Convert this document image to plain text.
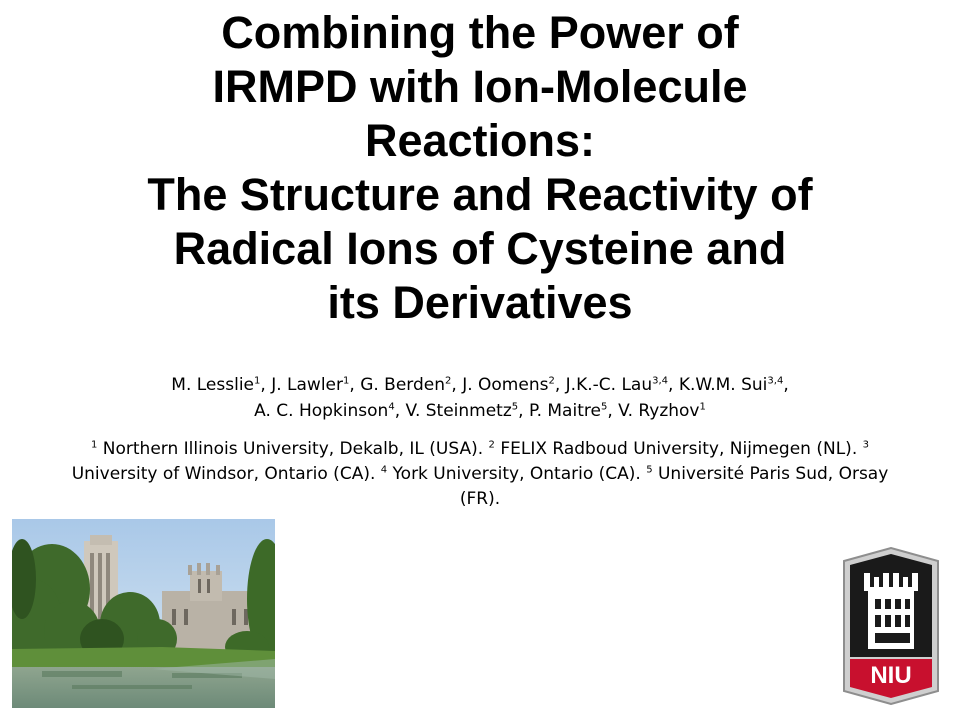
Combining the Power of
IRMPD with Ion-Molecule
Reactions:
The Structure and Reactivity of
Radical Ions of Cysteine and
its Derivatives
M. Lesslie$^1$, J. Lawler$^1$, G. Berden$^2$, J. Oomens$^2$, J.K.-C. Lau$^{3,4}$, K.W.M. Sui$^{3,4}$,
A. C. Hopkinson$^4$, V. Steinmetz$^5$, P. Maitre$^5$, V. Ryzhov$^1$
$^1$ Northern Illinois University, Dekalb, IL (USA). $^2$ FELIX Radboud University, Nijmegen (NL). $^3$ University of Windsor, Ontario (CA). $^4$ York University, Ontario (CA). $^5$ Université Paris Sud, Orsay (FR).
NIU
